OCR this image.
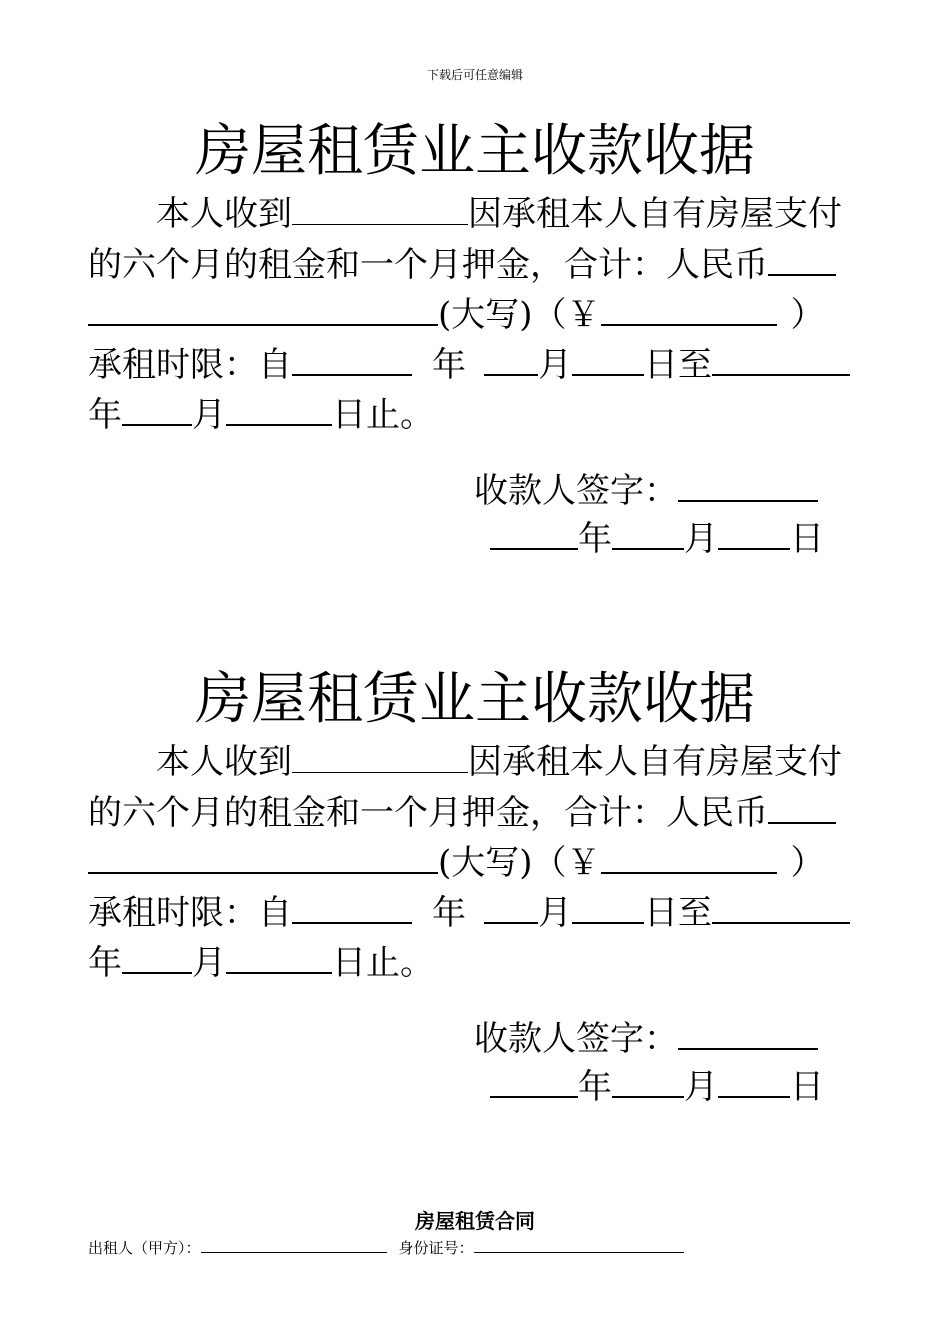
下载后可任意编辑
房屋租赁业主收款收据
本人收到	因承租本人自有房屋支付
的六个月的租金和一个月押金，合计：人民币
(大写)（￥	）
承租时限：自	年 月 日至
年 月	日止。
收款人签字：
年 月 日
房屋租赁业主收款收据
本人收到	因承租本人自有房屋支付
的六个月的租金和一个月押金，合计：人民币
(大写)（￥	）
承租时限：自	年 月 日至
年 月	日止。
收款人签字：
年 月 日
房屋租赁合同
出租人（甲方）：	身份证号：
